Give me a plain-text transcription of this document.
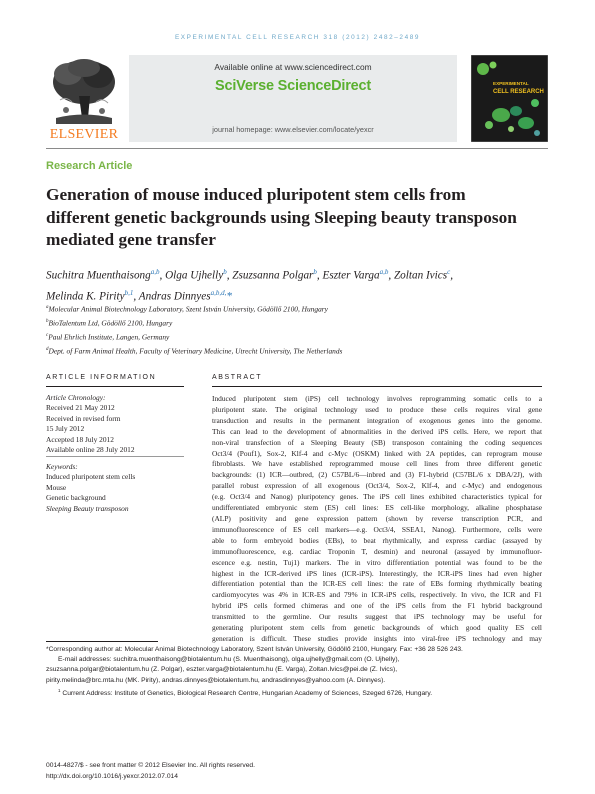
EXPERIMENTAL CELL RESEARCH 318 (2012) 2482–2489
ELSEVIER
Available online at www.sciencedirect.com
SciVerse ScienceDirect
journal homepage: www.elsevier.com/locate/yexcr
EXPERIMENTAL
CELL RESEARCH
Research Article
Generation of mouse induced pluripotent stem cells from different genetic backgrounds using Sleeping beauty transposon mediated gene transfer
Suchitra Muenthaisong$^{a,b}$, Olga Ujhelly$^b$, Zsuzsanna Polgar$^b$, Eszter Varga$^{a,b}$, Zoltan Ivics$^c$,
Melinda K. Pirity$^{b,1}$, Andras Dinnyes$^{a,b,d,}$*
$^a$Molecular Animal Biotechnology Laboratory, Szent István University, Gödöllő 2100, Hungary
$^b$BioTalentum Ltd, Gödöllő 2100, Hungary
$^c$Paul Ehrlich Institute, Langen, Germany
$^d$Dept. of Farm Animal Health, Faculty of Veterinary Medicine, Utrecht University, The Netherlands
ARTICLE INFORMATION
Article Chronology:
Received 21 May 2012
Received in revised form
15 July 2012
Accepted 18 July 2012
Available online 28 July 2012
Keywords:
Induced pluripotent stem cells
Mouse
Genetic background
Sleeping Beauty transposon
ABSTRACT
Induced pluripotent stem (iPS) cell technology involves reprogramming somatic cells to a
pluripotent state. The original technology used to produce these cells requires viral gene
transduction and results in the permanent integration of exogenous genes into the genome.
This can lead to the development of abnormalities in the derived iPS cells. Here, we report that
non-viral transfection of a Sleeping Beauty (SB) transposon containing the coding sequences
Oct3/4 (Pouf1), Sox-2, Klf-4 and c-Myc (OSKM) linked with 2A peptides, can reprogram mouse
fibroblasts. We have established reprogrammed mouse cell lines from three different genetic
backgrounds: (1) ICR—outbred, (2) C57BL/6—inbred and (3) F1-hybrid (C57BL/6 x DBA/2J), with
parallel robust expression of all exogenous (Oct3/4, Sox-2, Klf-4, and c-Myc) and endogenous
(e.g. Oct3/4 and Nanog) pluripotency genes. The iPS cell lines exhibited characteristics typical for
undifferentiated embryonic stem (ES) cell lines: ES cell-like morphology, alkaline phosphatase
(ALP) positivity and gene expression pattern (shown by reverse transcription PCR, and
immunofluorescence of ES cell markers—e.g. Oct3/4, SSEA1, Nanog). Furthermore, cells were
able to form embryoid bodies (EBs), to beat rhythmically, and express cardiac (assayed by
immunofluorescence, e.g. cardiac Troponin T, desmin) and neuronal (assayed by immunofluor-
escence e.g. nestin, Tuj1) markers. The in vitro differentiation potential was found to be the
highest in the ICR-derived iPS lines (ICR-iPS). Interestingly, the ICR-iPS lines had even higher
differentiation potential than the ICR-ES cell lines: the rate of EBs forming rhythmically beating
cardiomyocytes was 4% in ICR-ES and 79% in ICR-iPS cells, respectively. In vivo, the ICR and F1
hybrid iPS cells formed chimeras and one of the iPS cells from the F1 hybrid background
transmitted to the germline. Our results suggest that iPS technology may be useful for
generating pluripotent stem cells from genetic backgrounds of which good quality ES cell
generation is difficult. These studies provide insights into viral-free iPS technology and may
*Corresponding author at: Molecular Animal Biotechnology Laboratory, Szent István University, Gödöllő 2100, Hungary. Fax: +36 28 526 243.
E-mail addresses: suchitra.muenthaisong@biotalentum.hu (S. Muenthaisong), olga.ujhelly@gmail.com (O. Ujhelly),
zsuzsanna.polgar@biotalentum.hu (Z. Polgar), eszter.varga@biotalentum.hu (E. Varga), Zoltan.Ivics@pei.de (Z. Ivics),
pirity.melinda@brc.mta.hu (MK. Pirity), andras.dinnyes@biotalentum.hu, andrasdinnyes@yahoo.com (A. Dinnyes).
$^1$ Current Address: Institute of Genetics, Biological Research Centre, Hungarian Academy of Sciences, Szeged 6726, Hungary.
0014-4827/$ - see front matter © 2012 Elsevier Inc. All rights reserved.
http://dx.doi.org/10.1016/j.yexcr.2012.07.014
